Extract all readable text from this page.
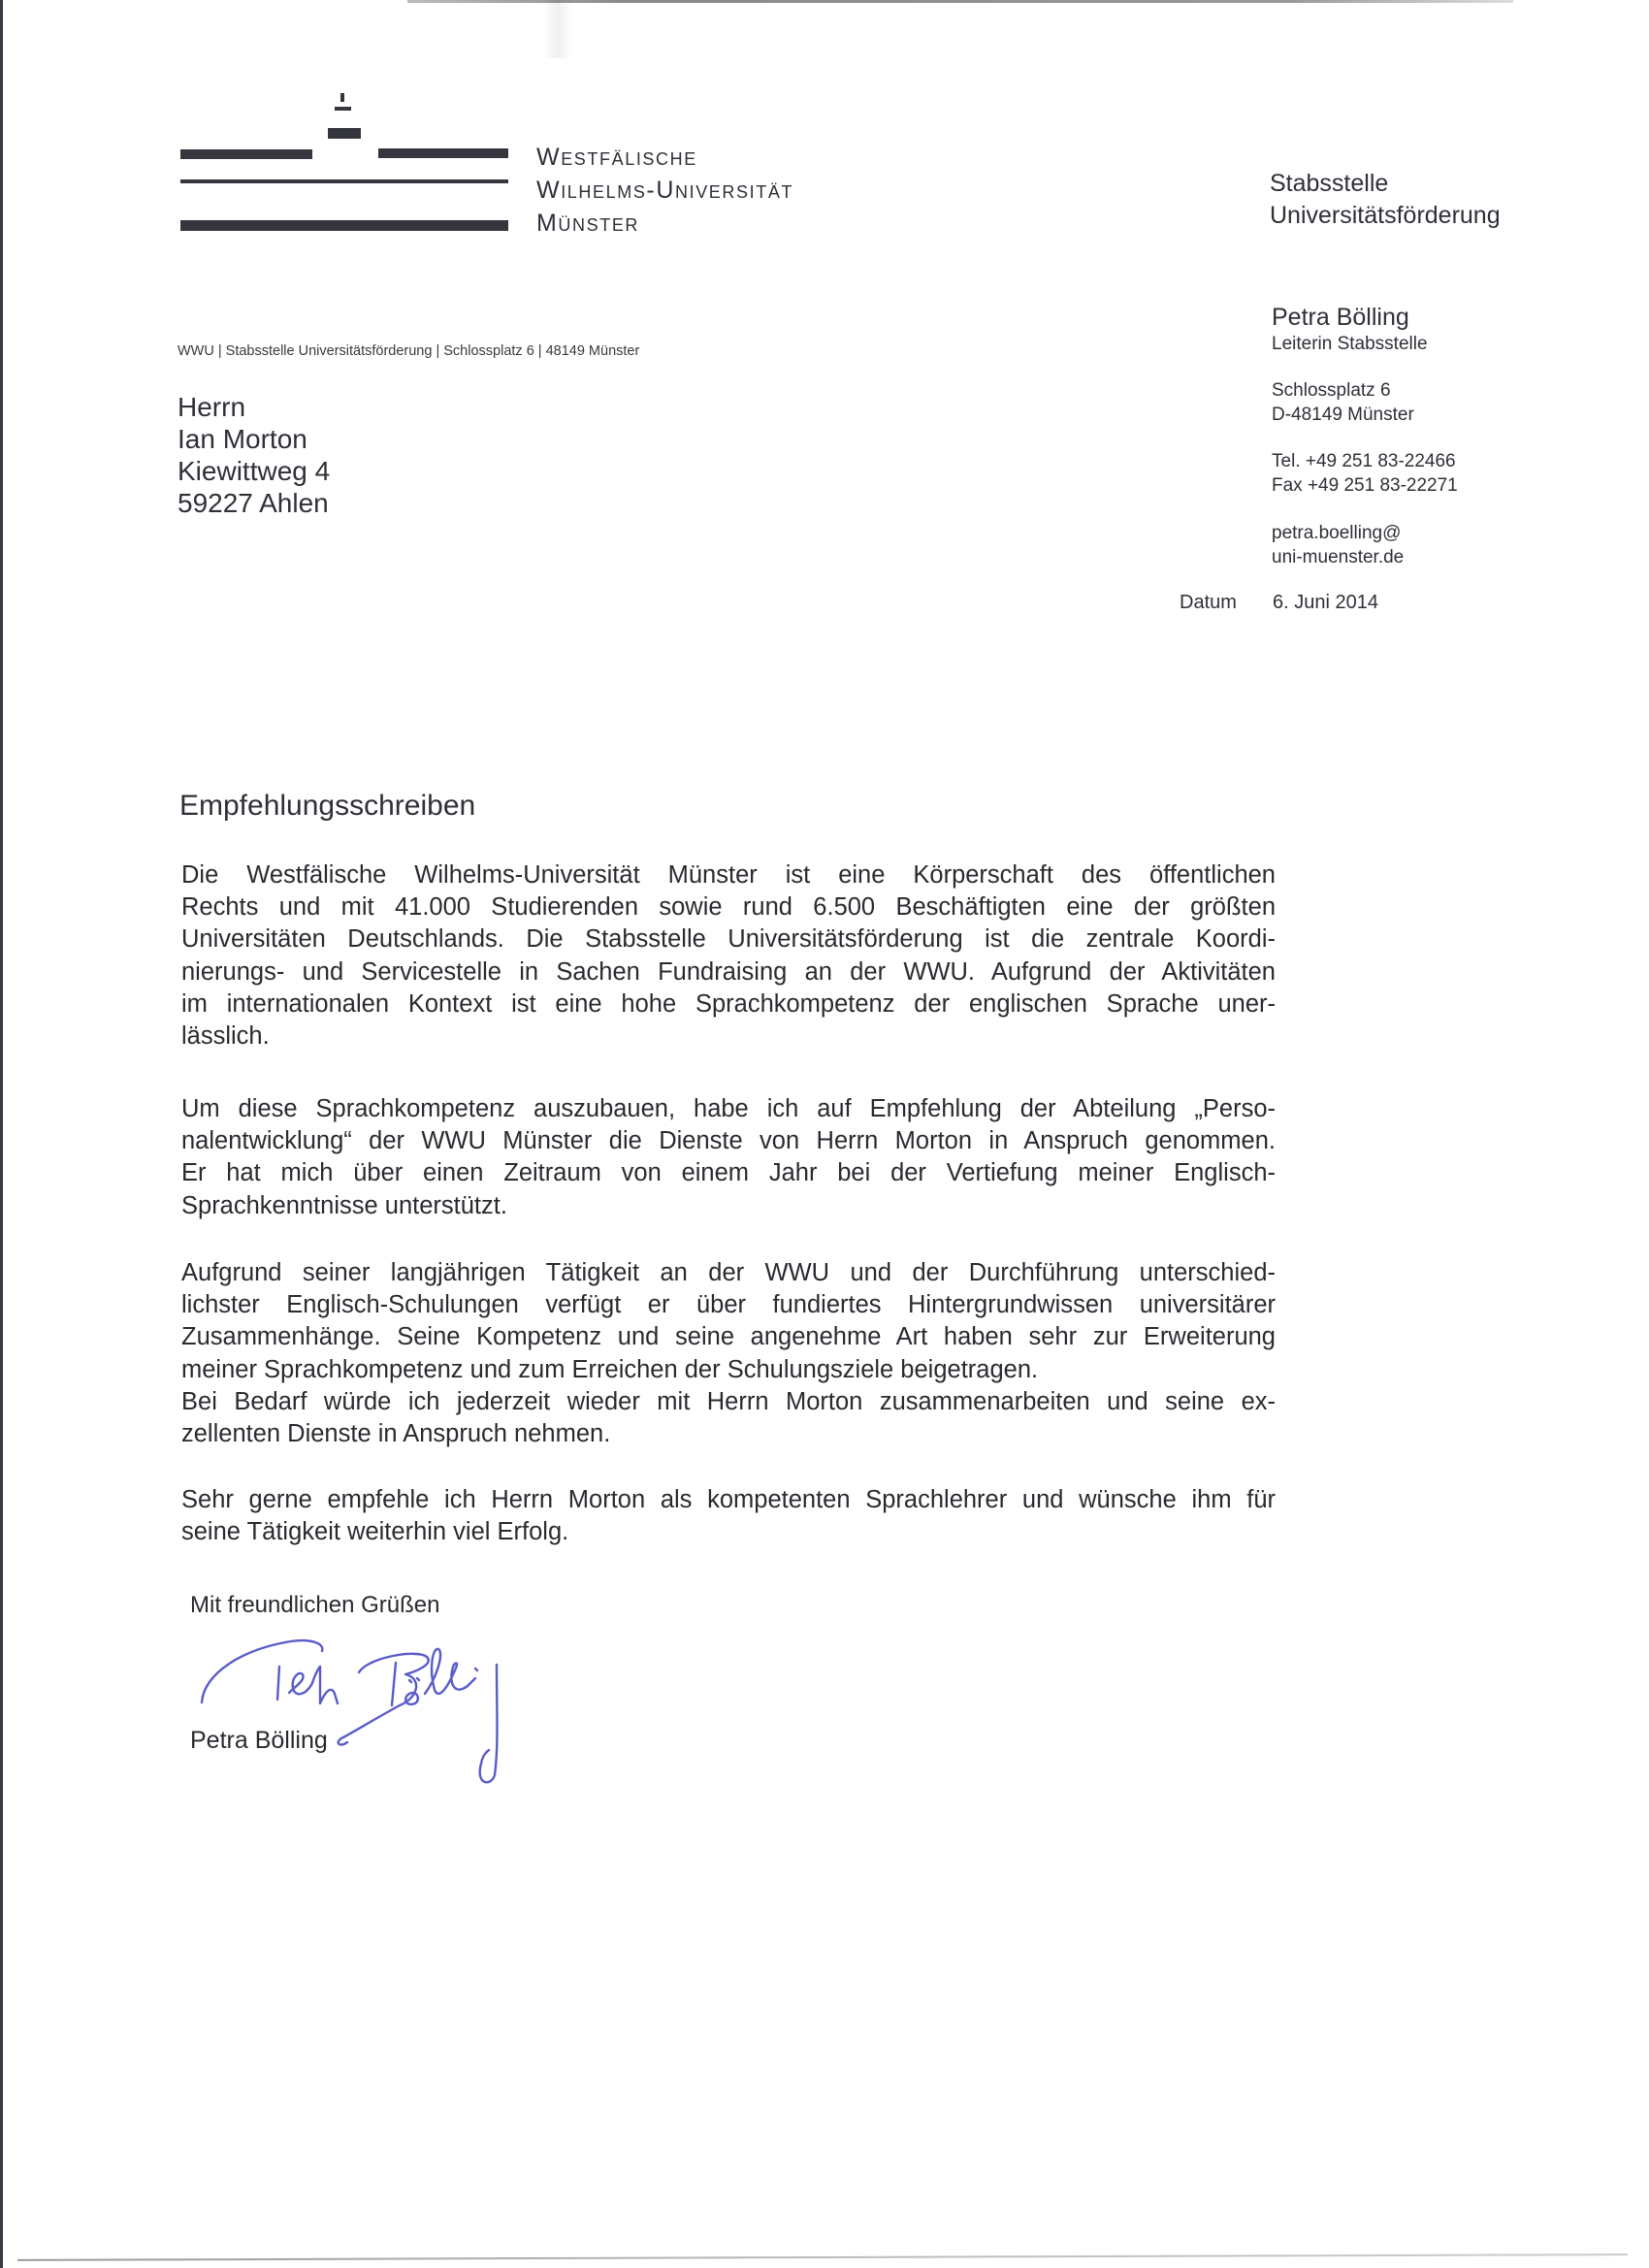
Westfälische
Wilhelms-Universität
Münster
Stabsstelle
Universitätsförderung
Petra Bölling
Leiterin Stabsstelle
Schlossplatz 6
D-48149 Münster
Tel. +49 251 83-22466
Fax +49 251 83-22271
petra.boelling@
uni-muenster.de
Datum 6. Juni 2014
WWU | Stabsstelle Universitätsförderung | Schlossplatz 6 | 48149 Münster
Herrn
Ian Morton
Kiewittweg 4
59227 Ahlen
Empfehlungsschreiben
Die Westfälische Wilhelms-Universität Münster ist eine Körperschaft des öffentlichen
Rechts und mit 41.000 Studierenden sowie rund 6.500 Beschäftigten eine der größten
Universitäten Deutschlands. Die Stabsstelle Universitätsförderung ist die zentrale Koordi-
nierungs- und Servicestelle in Sachen Fundraising an der WWU. Aufgrund der Aktivitäten
im internationalen Kontext ist eine hohe Sprachkompetenz der englischen Sprache uner-
lässlich.
Um diese Sprachkompetenz auszubauen, habe ich auf Empfehlung der Abteilung „Perso-
nalentwicklung“ der WWU Münster die Dienste von Herrn Morton in Anspruch genommen.
Er hat mich über einen Zeitraum von einem Jahr bei der Vertiefung meiner Englisch-
Sprachkenntnisse unterstützt.
Aufgrund seiner langjährigen Tätigkeit an der WWU und der Durchführung unterschied-
lichster Englisch-Schulungen verfügt er über fundiertes Hintergrundwissen universitärer
Zusammenhänge. Seine Kompetenz und seine angenehme Art haben sehr zur Erweiterung
meiner Sprachkompetenz und zum Erreichen der Schulungsziele beigetragen.
Bei Bedarf würde ich jederzeit wieder mit Herrn Morton zusammenarbeiten und seine ex-
zellenten Dienste in Anspruch nehmen.
Sehr gerne empfehle ich Herrn Morton als kompetenten Sprachlehrer und wünsche ihm für
seine Tätigkeit weiterhin viel Erfolg.
Mit freundlichen Grüßen
Petra Bölling
